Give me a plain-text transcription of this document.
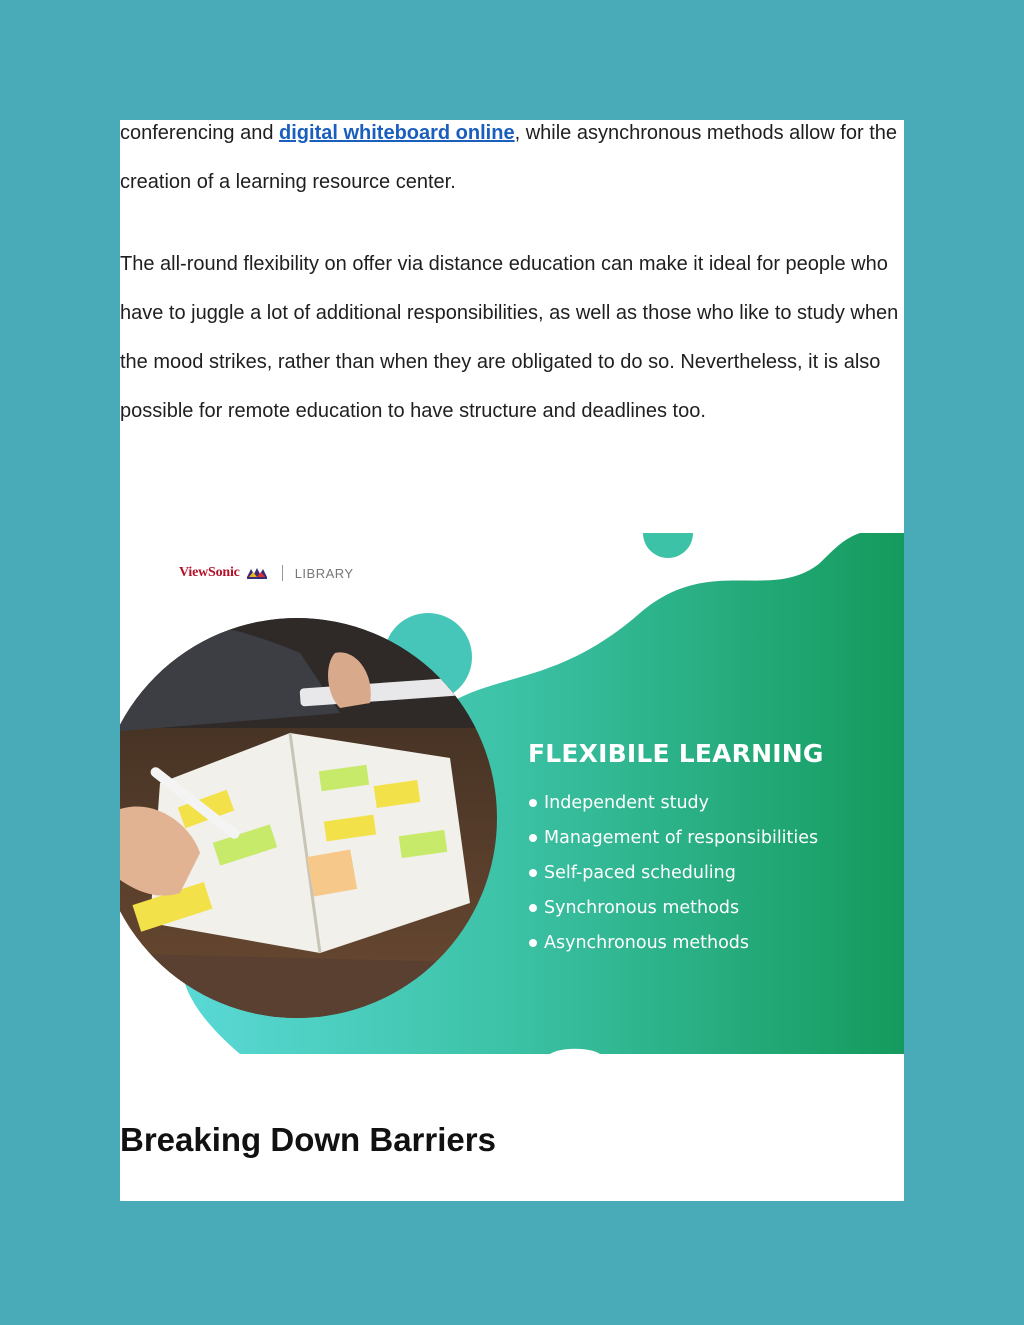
conferencing and digital whiteboard online, while asynchronous methods allow for the creation of a learning resource center.

The all-round flexibility on offer via distance education can make it ideal for people who have to juggle a lot of additional responsibilities, as well as those who like to study when the mood strikes, rather than when they are obligated to do so. Nevertheless, it is also possible for remote education to have structure and deadlines too.

ViewSonic	LIBRARY
FLEXIBILE LEARNING
Independent study
Management of responsibilities
Self-paced scheduling
Synchronous methods
Asynchronous methods
Breaking Down Barriers
